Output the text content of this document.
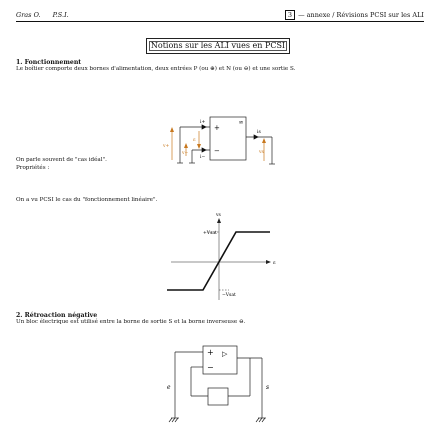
Gras O. P.S.I.	3 — annexe / Révisions PCSI sur les ALI
Notions sur les ALI vues en PCSI
1. Fonctionnement
Le boîtier comporte deux bornes d'alimentation, deux entrées P (ou ⊕) et N (ou ⊖) et une sortie S.
∞
+
−
i+
i−
is
v+
v−
ε
vs
On parle souvent de "cas idéal".
Propriétés :
On a vu PCSI le cas du "fonctionnement linéaire".
vs
ε
+Vsat
−Vsat
2. Rétroaction négative
Un bloc électrique est utilisé entre la borne de sortie S et la borne inverseuse ⊖.
+
−
▷
e	s
